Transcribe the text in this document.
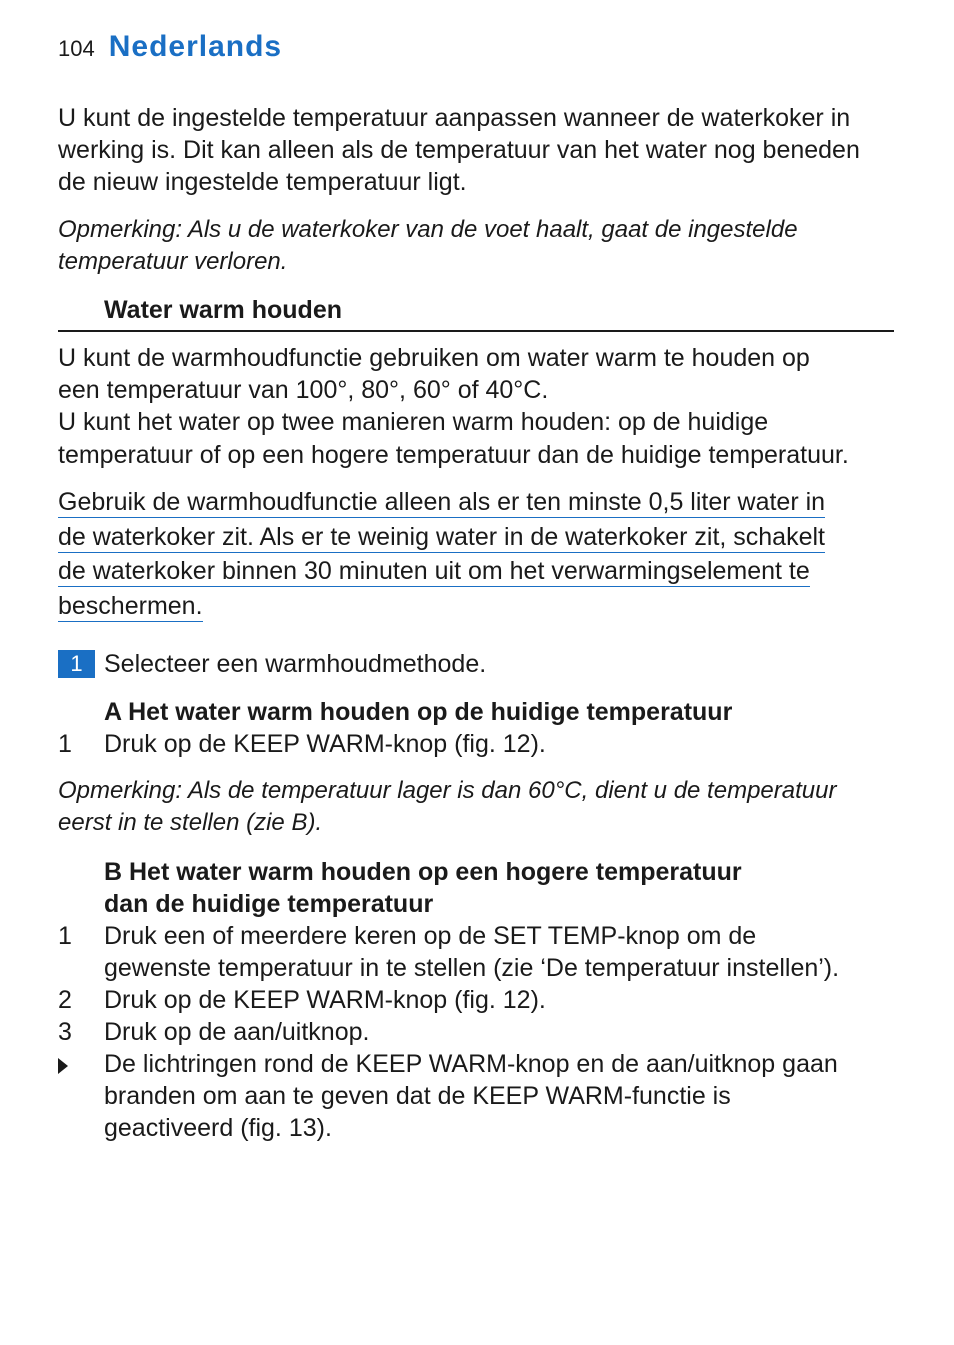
104 Nederlands
U kunt de ingestelde temperatuur aanpassen wanneer de waterkoker in
werking is. Dit kan alleen als de temperatuur van het water nog beneden
de nieuw ingestelde temperatuur ligt.
Opmerking: Als u de waterkoker van de voet haalt, gaat de ingestelde
temperatuur verloren.
Water warm houden
U kunt de warmhoudfunctie gebruiken om water warm te houden op
een temperatuur van 100°, 80°, 60° of 40°C.
U kunt het water op twee manieren warm houden: op de huidige
temperatuur of op een hogere temperatuur dan de huidige temperatuur.
Gebruik de warmhoudfunctie alleen als er ten minste 0,5 liter water in
de waterkoker zit. Als er te weinig water in de waterkoker zit, schakelt
de waterkoker binnen 30 minuten uit om het verwarmingselement te
beschermen.
1 Selecteer een warmhoudmethode.
A Het water warm houden op de huidige temperatuur
1	Druk op de KEEP WARM-knop (fig. 12).
Opmerking: Als de temperatuur lager is dan 60°C, dient u de temperatuur
eerst in te stellen (zie B).
B Het water warm houden op een hogere temperatuur
dan de huidige temperatuur
1	Druk een of meerdere keren op de SET TEMP-knop om de
gewenste temperatuur in te stellen (zie ‘De temperatuur instellen’).
2	Druk op de KEEP WARM-knop (fig. 12).
3	Druk op de aan/uitknop.
De lichtringen rond de KEEP WARM-knop en de aan/uitknop gaan
branden om aan te geven dat de KEEP WARM-functie is
geactiveerd (fig. 13).
